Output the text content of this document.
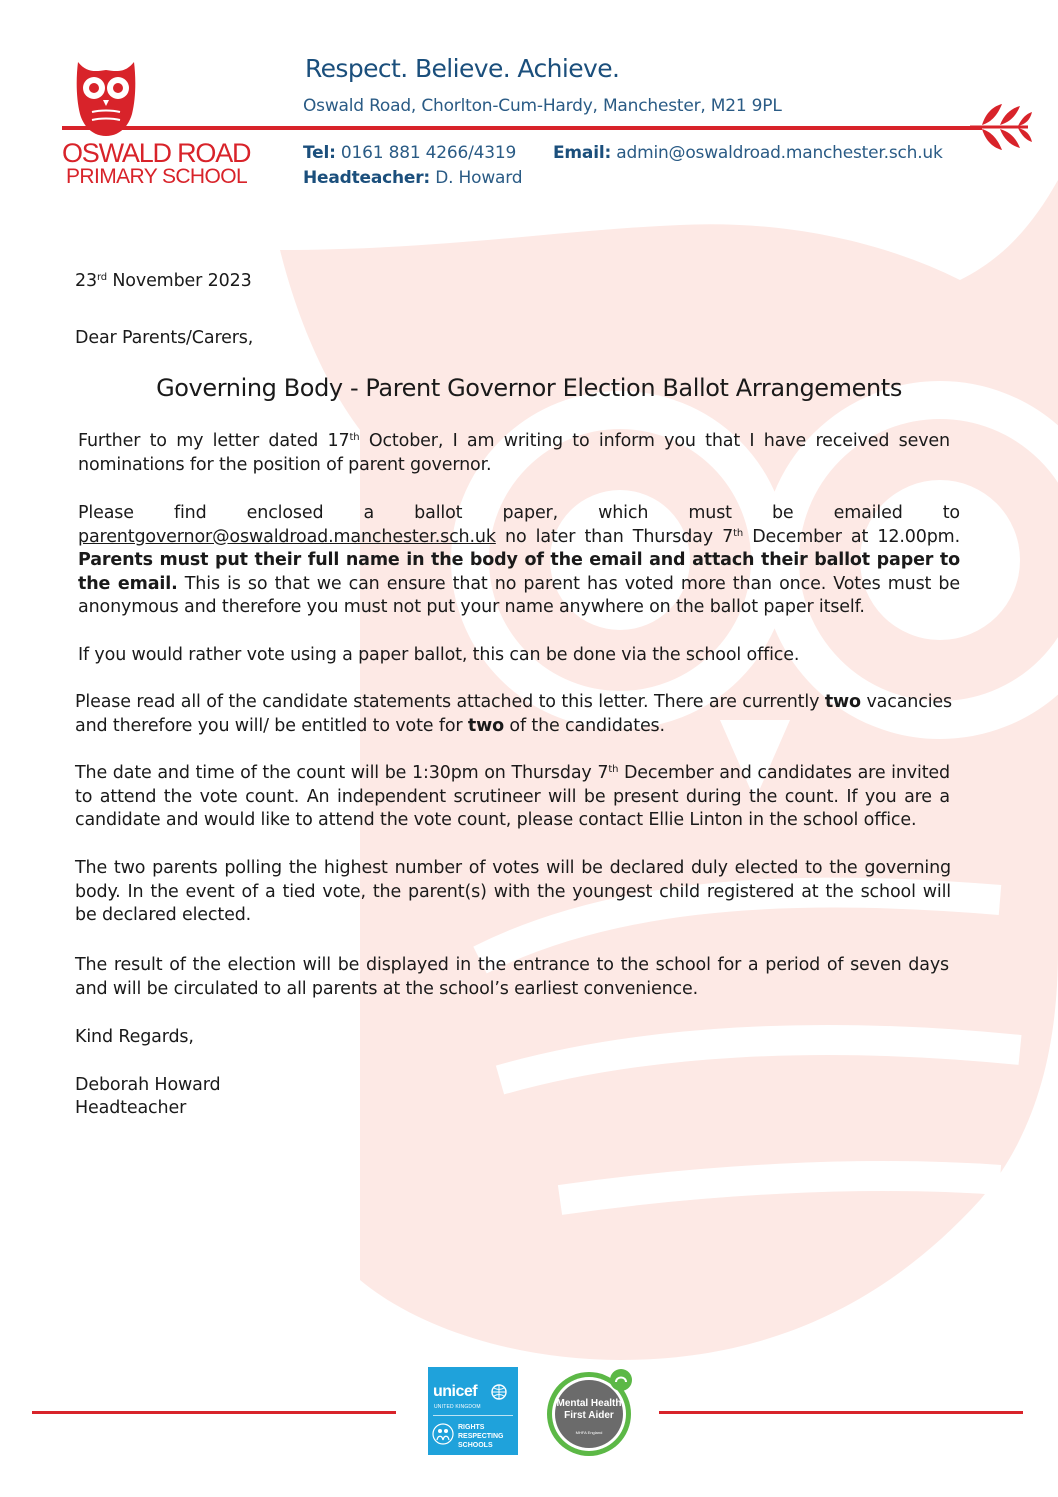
OSWALD ROAD
PRIMARY SCHOOL
Respect. Believe. Achieve.
Oswald Road, Chorlton-Cum-Hardy, Manchester, M21 9PL
Tel: 0161 881 4266/4319 Email: admin@oswaldroad.manchester.sch.uk
Headteacher: D. Howard
23rd November 2023
Dear Parents/Carers,
Governing Body - Parent Governor Election Ballot Arrangements
Further to my letter dated 17th October, I am writing to inform you that I have received seven nominations for the position of parent governor.
Please find enclosed a ballot paper, which must be emailed to parentgovernor@oswaldroad.manchester.sch.uk no later than Thursday 7th December at 12.00pm. Parents must put their full name in the body of the email and attach their ballot paper to the email. This is so that we can ensure that no parent has voted more than once. Votes must be anonymous and therefore you must not put your name anywhere on the ballot paper itself.
If you would rather vote using a paper ballot, this can be done via the school office.
Please read all of the candidate statements attached to this letter. There are currently two vacancies and therefore you will/ be entitled to vote for two of the candidates.
The date and time of the count will be 1:30pm on Thursday 7th December and candidates are invited to attend the vote count. An independent scrutineer will be present during the count. If you are a candidate and would like to attend the vote count, please contact Ellie Linton in the school office.
The two parents polling the highest number of votes will be declared duly elected to the governing body. In the event of a tied vote, the parent(s) with the youngest child registered at the school will be declared elected.
The result of the election will be displayed in the entrance to the school for a period of seven days and will be circulated to all parents at the school’s earliest convenience.
Kind Regards,
Deborah Howard
Headteacher
unicef
UNITED KINGDOM
RIGHTS
RESPECTING
SCHOOLS
Mental Health
First Aider
MHFA England
